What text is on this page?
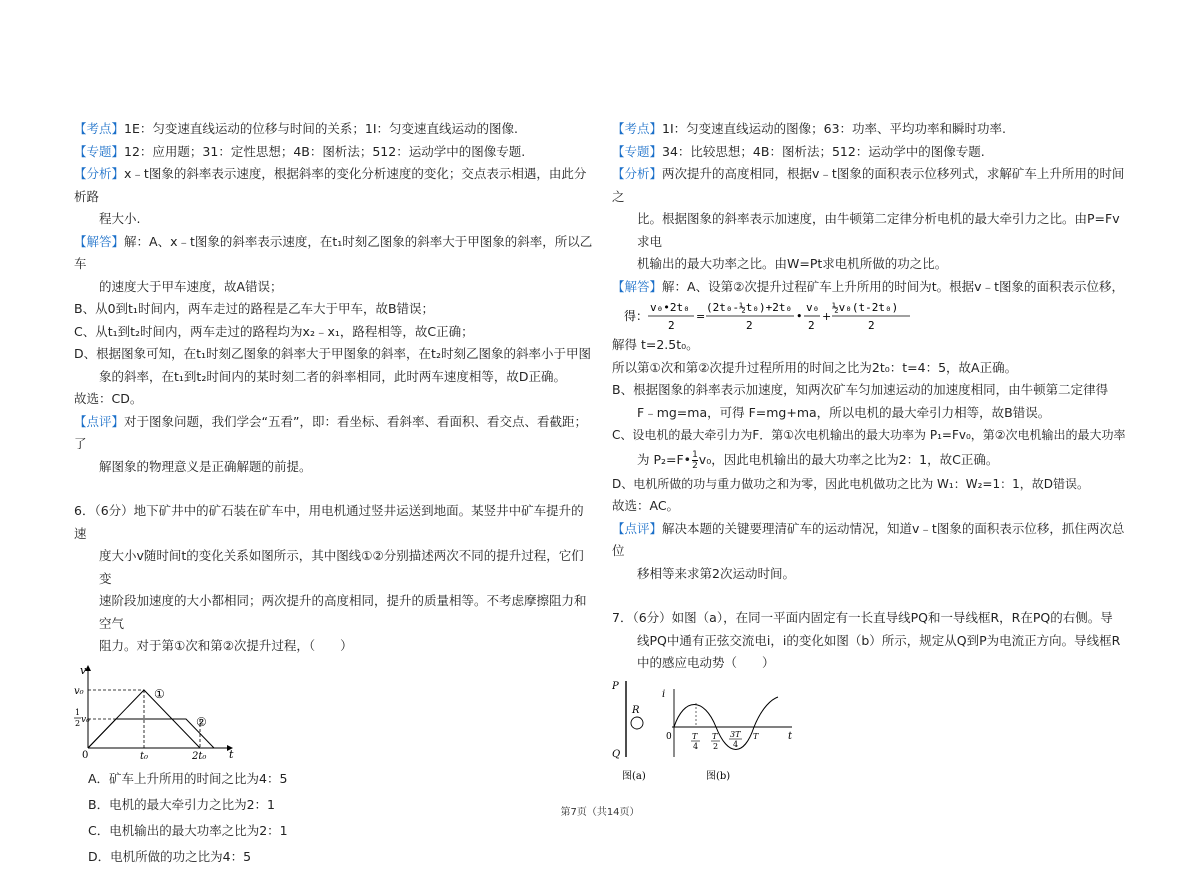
【考点】1E：匀变速直线运动的位移与时间的关系；1I：匀变速直线运动的图像.

【专题】12：应用题；31：定性思想；4B：图析法；512：运动学中的图像专题.

【分析】x﹣t图象的斜率表示速度，根据斜率的变化分析速度的变化；交点表示相遇，由此分析路

程大小.

【解答】解：A、x﹣t图象的斜率表示速度，在t₁时刻乙图象的斜率大于甲图象的斜率，所以乙车

的速度大于甲车速度，故A错误；

B、从0到t₁时间内，两车走过的路程是乙车大于甲车，故B错误；

C、从t₁到t₂时间内，两车走过的路程均为x₂﹣x₁，路程相等，故C正确；

D、根据图象可知，在t₁时刻乙图象的斜率大于甲图象的斜率，在t₂时刻乙图象的斜率小于甲图

象的斜率，在t₁到t₂时间内的某时刻二者的斜率相同，此时两车速度相等，故D正确。

故选：CD。

【点评】对于图象问题，我们学会“五看”，即：看坐标、看斜率、看面积、看交点、看截距；了

解图象的物理意义是正确解题的前提。

6．（6分）地下矿井中的矿石装在矿车中，用电机通过竖井运送到地面。某竖井中矿车提升的速

度大小v随时间t的变化关系如图所示，其中图线①②分别描述两次不同的提升过程，它们变

速阶段加速度的大小都相同；两次提升的高度相同，提升的质量相等。不考虑摩擦阻力和空气

阻力。对于第①次和第②次提升过程，（　　）

v
t
0
v₀
1
2 v₀
t₀	2t₀
①
②

A．矿车上升所用的时间之比为4：5

B．电机的最大牵引力之比为2：1

C．电机输出的最大功率之比为2：1

D．电机所做的功之比为4：5

【考点】1I：匀变速直线运动的图像；63：功率、平均功率和瞬时功率.

【专题】34：比较思想；4B：图析法；512：运动学中的图像专题.

【分析】两次提升的高度相同，根据v﹣t图象的面积表示位移列式，求解矿车上升所用的时间之

比。根据图象的斜率表示加速度，由牛顿第二定律分析电机的最大牵引力之比。由P=Fv求电

机输出的最大功率之比。由W=Pt求电机所做的功之比。

【解答】解：A、设第②次提升过程矿车上升所用的时间为t。根据v﹣t图象的面积表示位移，

得：
v₀•2t₀
2
=
(2t₀-½t₀)+2t₀
2
•
v₀
2
+
½v₀(t-2t₀)
2

解得 t=2.5t₀。

所以第①次和第②次提升过程所用的时间之比为2t₀：t=4：5，故A正确。

B、根据图象的斜率表示加速度，知两次矿车匀加速运动的加速度相同，由牛顿第二定律得

F﹣mg=ma，可得 F=mg+ma，所以电机的最大牵引力相等，故B错误。

C、设电机的最大牵引力为F．第①次电机输出的最大功率为 P₁=Fv₀，第②次电机输出的最大功率

为 P₂=F• $\frac{1}{2} v_0$，因此电机输出的最大功率之比为2：1，故C正确。

D、电机所做的功与重力做功之和为零，因此电机做功之比为 W₁：W₂=1：1，故D错误。

故选：AC。

【点评】解决本题的关键要理清矿车的运动情况，知道v﹣t图象的面积表示位移，抓住两次总位

移相等来求第2次运动时间。

7．（6分）如图（a），在同一平面内固定有一长直导线PQ和一导线框R，R在PQ的右侧。导

线PQ中通有正弦交流电i，i的变化如图（b）所示，规定从Q到P为电流正方向。导线框R

中的感应电动势（　　）

P
Q
R
图(a)
i
t
0	T
4
T
2
3T
4
T
图(b)
第7页（共14页）
